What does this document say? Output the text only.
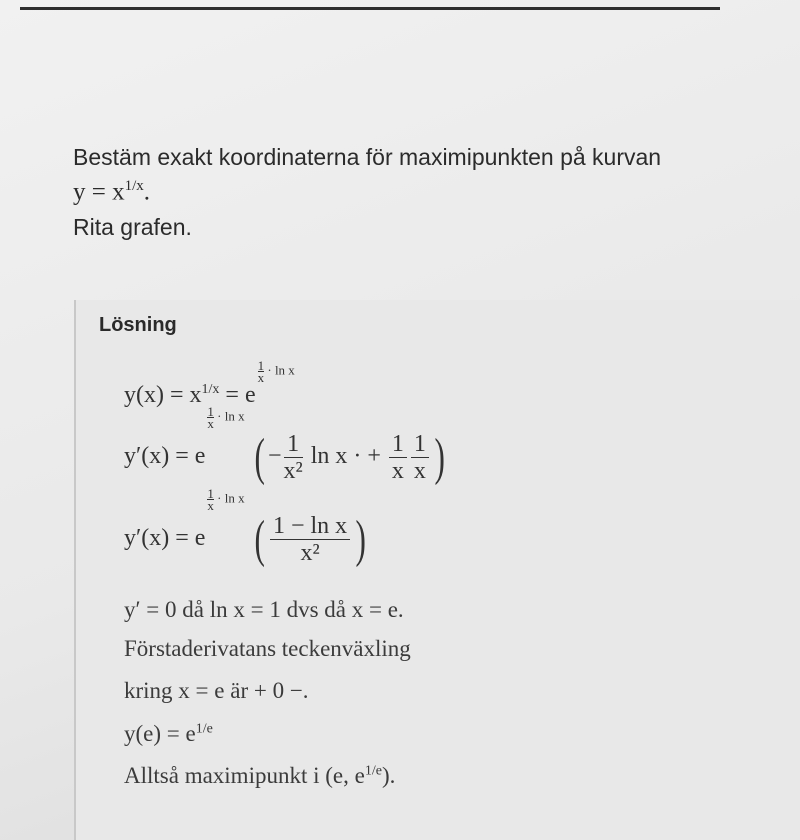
Bestäm exakt koordinaterna för maximipunkten på kurvan
$y = x^{1/x}$.
Rita grafen.
Lösning
$y(x) = x^{1/x} = e$
$\frac{1}{x} \cdot \ln x$
y′(x) = e
$\frac{1}{x} \cdot \ln x$ ( − $\frac{1}{\text{x²}}$ ln x · + $\frac{1}{x} \frac{1}{x}$ )
y′(x) = e
$\frac{1}{x} \cdot \ln x$ ( $\frac{\text{1 − ln x}}{\text{x²}}$ )
y′ = 0 då ln x = 1 dvs då x = e.
Förstaderivatans teckenväxling
kring x = e är + 0 −.
$y(e) = e^{1/e}$
Alltså maximipunkt i (e, $e^{1/e}$).
